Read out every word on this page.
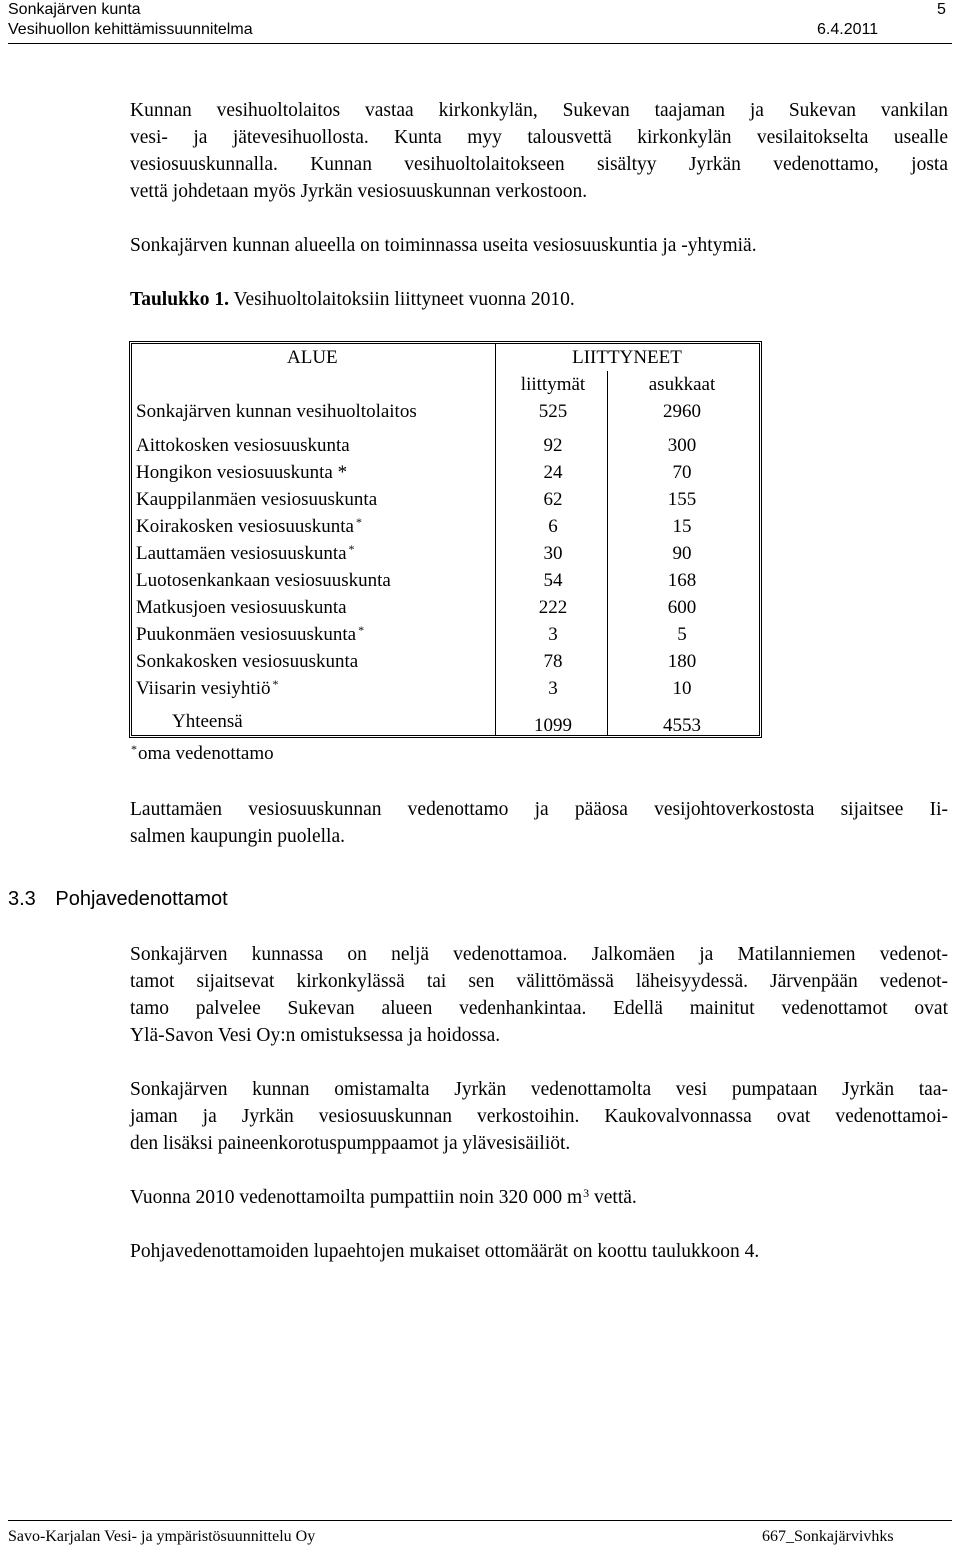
Sonkajärven kunta
Vesihuollon kehittämissuunnitelma
5
6.4.2011
Kunnan vesihuoltolaitos vastaa kirkonkylän, Sukevan taajaman ja Sukevan vankilan
vesi- ja jätevesihuollosta. Kunta myy talousvettä kirkonkylän vesilaitokselta usealle
vesiosuuskunnalla. Kunnan vesihuoltolaitokseen sisältyy Jyrkän vedenottamo, josta
vettä johdetaan myös Jyrkän vesiosuuskunnan verkostoon.
Sonkajärven kunnan alueella on toiminnassa useita vesiosuuskuntia ja -yhtymiä.
Taulukko 1. Vesihuoltolaitoksiin liittyneet vuonna 2010.
ALUE	LIITTYNEET
liittymät	asukkaat
Sonkajärven kunnan vesihuoltolaitos	525	2960
Aittokosken vesiosuuskunta	92	300
Hongikon vesiosuuskunta *	24	70
Kauppilanmäen vesiosuuskunta	62	155
Koirakosken vesiosuuskunta *	6	15
Lauttamäen vesiosuuskunta *	30	90
Luotosenkankaan vesiosuuskunta	54	168
Matkusjoen vesiosuuskunta	222	600
Puukonmäen vesiosuuskunta *	3	5
Sonkakosken vesiosuuskunta	78	180
Viisarin vesiyhtiö *	3	10
Yhteensä	1099	4553
*oma vedenottamo
Lauttamäen vesiosuuskunnan vedenottamo ja pääosa vesijohtoverkostosta sijaitsee Ii-
salmen kaupungin puolella.
3.3 Pohjavedenottamot
Sonkajärven kunnassa on neljä vedenottamoa. Jalkomäen ja Matilanniemen vedenot-
tamot sijaitsevat kirkonkylässä tai sen välittömässä läheisyydessä. Järvenpään vedenot-
tamo palvelee Sukevan alueen vedenhankintaa. Edellä mainitut vedenottamot ovat
Ylä-Savon Vesi Oy:n omistuksessa ja hoidossa.
Sonkajärven kunnan omistamalta Jyrkän vedenottamolta vesi pumpataan Jyrkän taa-
jaman ja Jyrkän vesiosuuskunnan verkostoihin. Kaukovalvonnassa ovat vedenottamoi-
den lisäksi paineenkorotuspumppaamot ja ylävesisäiliöt.
Vuonna 2010 vedenottamoilta pumpattiin noin 320 000 $m^3$ vettä.
Pohjavedenottamoiden lupaehtojen mukaiset ottomäärät on koottu taulukkoon 4.
Savo-Karjalan Vesi- ja ympäristösuunnittelu Oy	667_Sonkajärvivhks
